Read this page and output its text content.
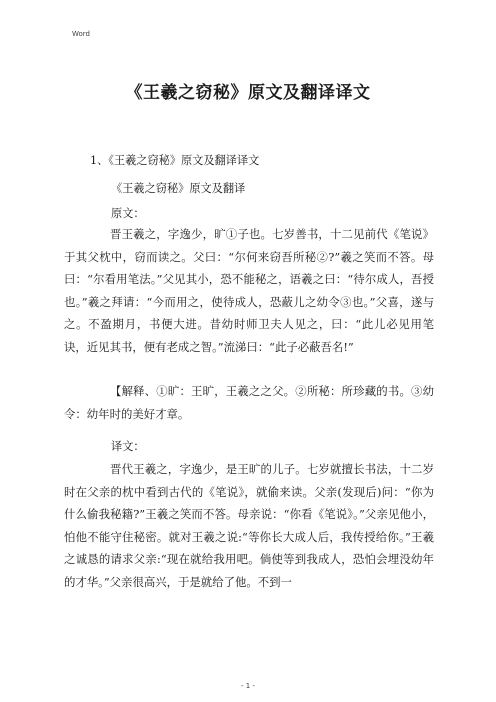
Word
《王羲之窃秘》原文及翻译译文
1、《王羲之窃秘》原文及翻译译文
《王羲之窃秘》原文及翻译
原文：
晋王羲之，字逸少，旷①子也。七岁善书，十二见前代《笔说》于其父枕中，窃而读之。父曰：“尔何来窃吾所秘②?”羲之笑而不答。母曰：“尔看用笔法。”父见其小，恐不能秘之，语羲之曰：“待尔成人，吾授也。”羲之拜请：“今而用之，使待成人，恐蔽儿之幼令③也。”父喜，遂与之。不盈期月，书便大进。昔幼时师卫夫人见之，曰：“此儿必见用笔诀，近见其书，便有老成之智。”流涕曰：“此子必蔽吾名!”
【解释、①旷：王旷，王羲之之父。②所秘：所珍藏的书。③幼令：幼年时的美好才章。
译文：
晋代王羲之，字逸少，是王旷的儿子。七岁就擅长书法，十二岁时在父亲的枕中看到古代的《笔说》，就偷来读。父亲(发现后)问：“你为什么偷我秘籍?”王羲之笑而不答。母亲说：“你看《笔说》。”父亲见他小，怕他不能守住秘密。就对王羲之说:“等你长大成人后，我传授给你。”王羲之诚恳的请求父亲:“现在就给我用吧。倘使等到我成人，恐怕会埋没幼年的才华。”父亲很高兴，于是就给了他。不到一
- 1 -
